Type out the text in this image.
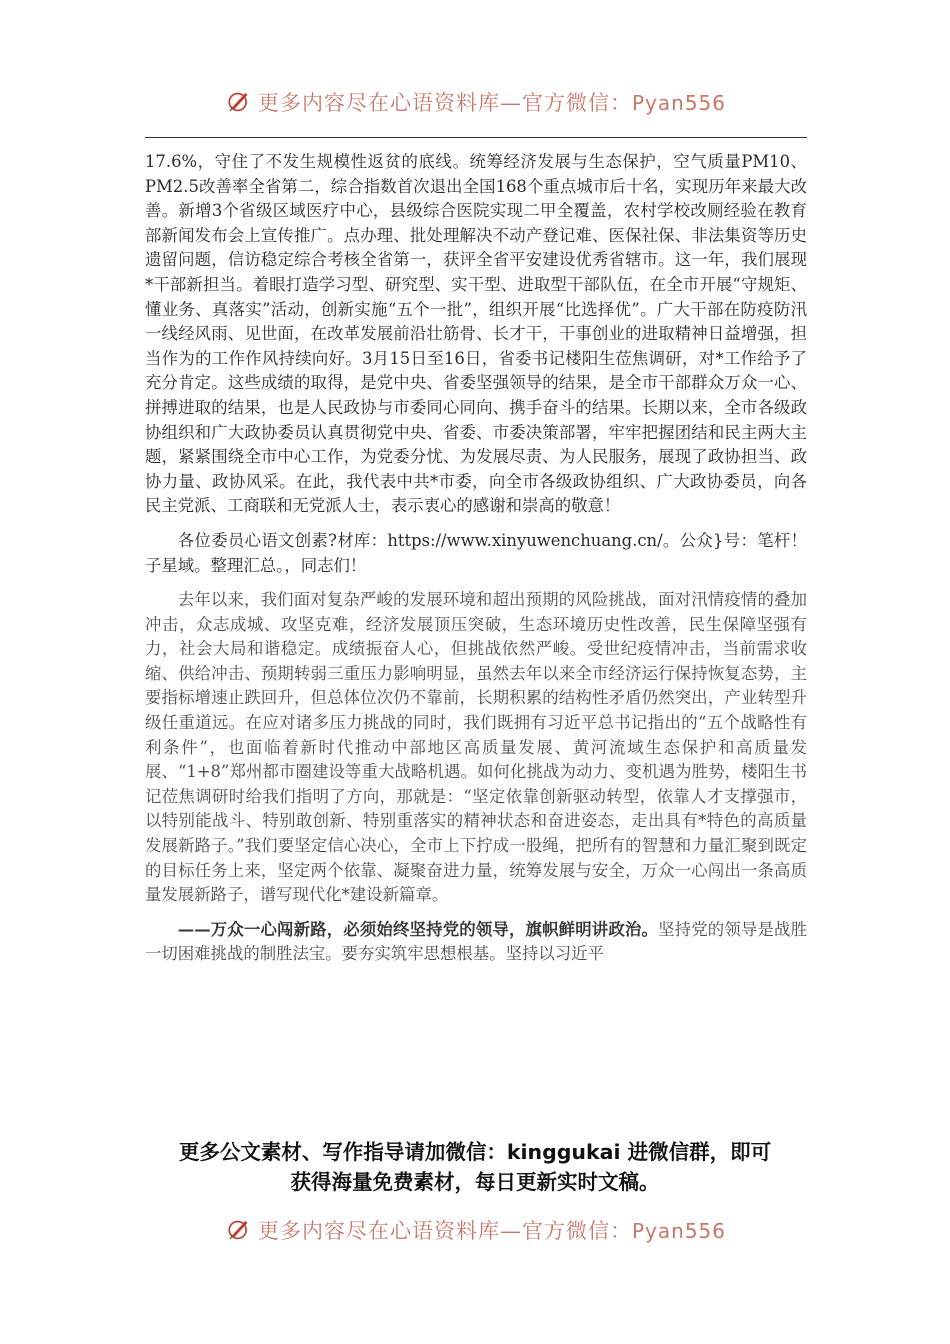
更多内容尽在心语资料库—官方微信：Pyan556

17.6%，守住了不发生规模性返贫的底线。统筹经济发展与生态保护，空气质量PM10、PM2.5改善率全省第二，综合指数首次退出全国168个重点城市后十名，实现历年来最大改善。新增3个省级区域医疗中心，县级综合医院实现二甲全覆盖，农村学校改厕经验在教育部新闻发布会上宣传推广。点办理、批处理解决不动产登记难、医保社保、非法集资等历史遗留问题，信访稳定综合考核全省第一，获评全省平安建设优秀省辖市。这一年，我们展现*干部新担当。着眼打造学习型、研究型、实干型、进取型干部队伍，在全市开展“守规矩、懂业务、真落实”活动，创新实施“五个一批”，组织开展“比选择优”。广大干部在防疫防汛一线经风雨、见世面，在改革发展前沿壮筋骨、长才干，干事创业的进取精神日益增强，担当作为的工作作风持续向好。3月15日至16日，省委书记楼阳生莅焦调研，对*工作给予了充分肯定。这些成绩的取得，是党中央、省委坚强领导的结果，是全市干部群众万众一心、拼搏进取的结果，也是人民政协与市委同心同向、携手奋斗的结果。长期以来，全市各级政协组织和广大政协委员认真贯彻党中央、省委、市委决策部署，牢牢把握团结和民主两大主题，紧紧围绕全市中心工作，为党委分忧、为发展尽责、为人民服务，展现了政协担当、政协力量、政协风采。在此，我代表中共*市委，向全市各级政协组织、广大政协委员，向各民主党派、工商联和无党派人士，表示衷心的感谢和崇高的敬意！

各位委员心语文创素?材库：https://www.xinyuwenchuang.cn/。公众}号：笔杆！子星域。整理汇总。，同志们！

去年以来，我们面对复杂严峻的发展环境和超出预期的风险挑战，面对汛情疫情的叠加冲击，众志成城、攻坚克难，经济发展顶压突破，生态环境历史性改善，民生保障坚强有力，社会大局和谐稳定。成绩振奋人心，但挑战依然严峻。受世纪疫情冲击，当前需求收缩、供给冲击、预期转弱三重压力影响明显，虽然去年以来全市经济运行保持恢复态势，主要指标增速止跌回升，但总体位次仍不靠前，长期积累的结构性矛盾仍然突出，产业转型升级任重道远。在应对诸多压力挑战的同时，我们既拥有习近平总书记指出的“五个战略性有利条件”，也面临着新时代推动中部地区高质量发展、黄河流域生态保护和高质量发展、“1+8”郑州都市圈建设等重大战略机遇。如何化挑战为动力、变机遇为胜势，楼阳生书记莅焦调研时给我们指明了方向，那就是：“坚定依靠创新驱动转型，依靠人才支撑强市，以特别能战斗、特别敢创新、特别重落实的精神状态和奋进姿态，走出具有*特色的高质量发展新路子。”我们要坚定信心决心，全市上下拧成一股绳，把所有的智慧和力量汇聚到既定的目标任务上来，坚定两个依靠、凝聚奋进力量，统筹发展与安全，万众一心闯出一条高质量发展新路子，谱写现代化*建设新篇章。

——万众一心闯新路，必须始终坚持党的领导，旗帜鲜明讲政治。坚持党的领导是战胜一切困难挑战的制胜法宝。要夯实筑牢思想根基。坚持以习近平

更多公文素材、写作指导请加微信：kinggukai 进微信群，即可
获得海量免费素材，每日更新实时文稿。
更多内容尽在心语资料库—官方微信：Pyan556
